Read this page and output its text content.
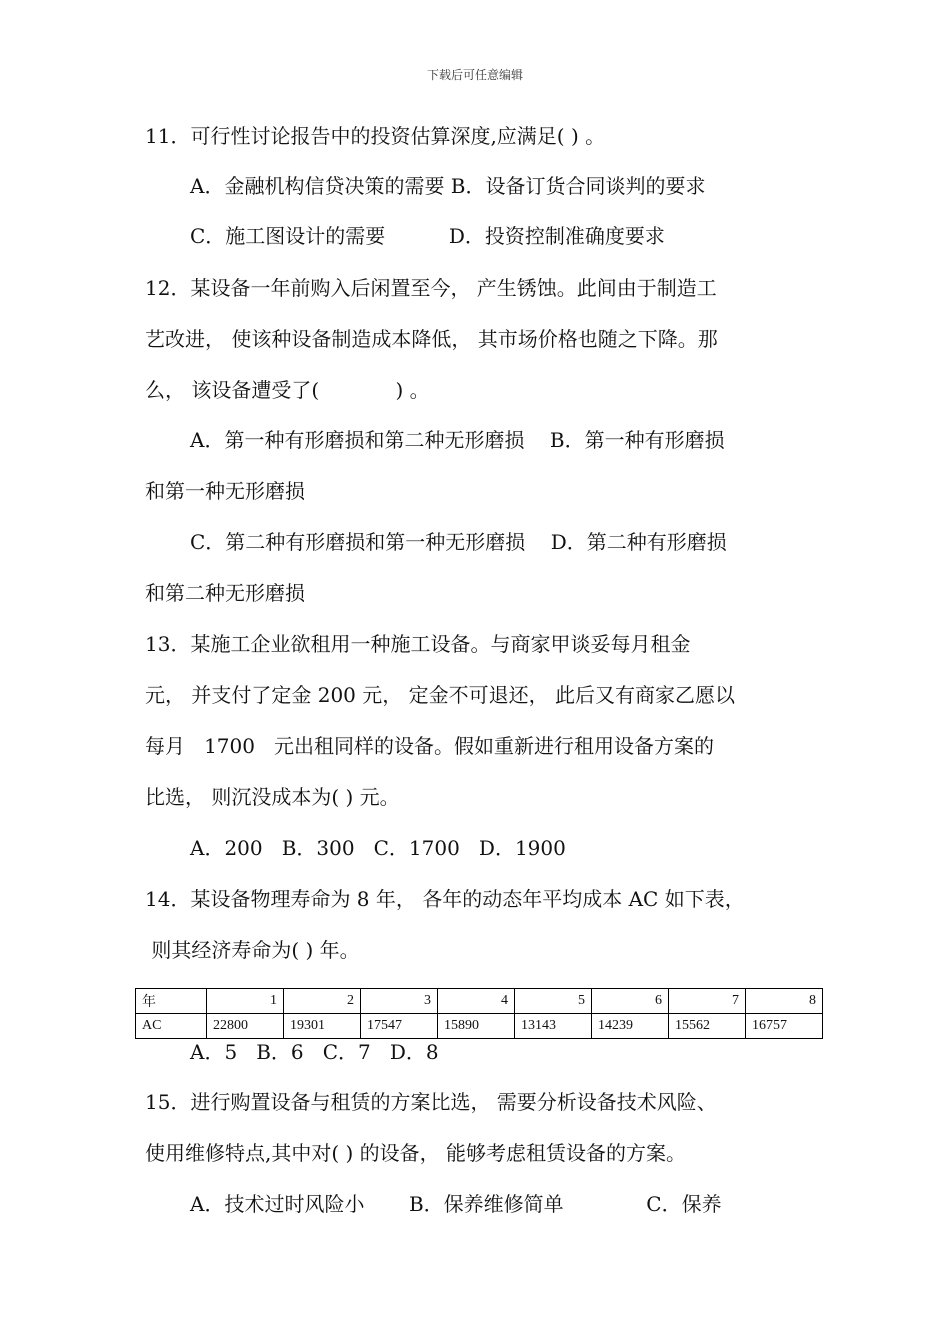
下载后可任意编辑
11．可行性讨论报告中的投资估算深度,应满足( ) 。
A．金融机构信贷决策的需要 B．设备订货合同谈判的要求
C．施工图设计的需要          D．投资控制准确度要求
12．某设备一年前购入后闲置至今， 产生锈蚀。此间由于制造工
艺改进， 使该种设备制造成本降低， 其市场价格也随之下降。那
么， 该设备遭受了(            ) 。
A．第一种有形磨损和第二种无形磨损    B．第一种有形磨损
和第一种无形磨损
C．第二种有形磨损和第一种无形磨损    D．第二种有形磨损
和第二种无形磨损
13．某施工企业欲租用一种施工设备。与商家甲谈妥每月租金
元， 并支付了定金 200 元， 定金不可退还， 此后又有商家乙愿以
每月   1700   元出租同样的设备。假如重新进行租用设备方案的
比选， 则沉没成本为( ) 元。
A．200   B．300   C．1700   D．1900
14．某设备物理寿命为 8 年， 各年的动态年平均成本 AC 如下表，
则其经济寿命为( ) 年。
年	1	2	3	4	5	6	7	8
AC	22800	19301	17547	15890	13143	14239	15562	16757
A．5   B．6   C．7   D．8
15．进行购置设备与租赁的方案比选， 需要分析设备技术风险、
使用维修特点,其中对( ) 的设备， 能够考虑租赁设备的方案。
A．技术过时风险小       B．保养维修简单             C．保养
